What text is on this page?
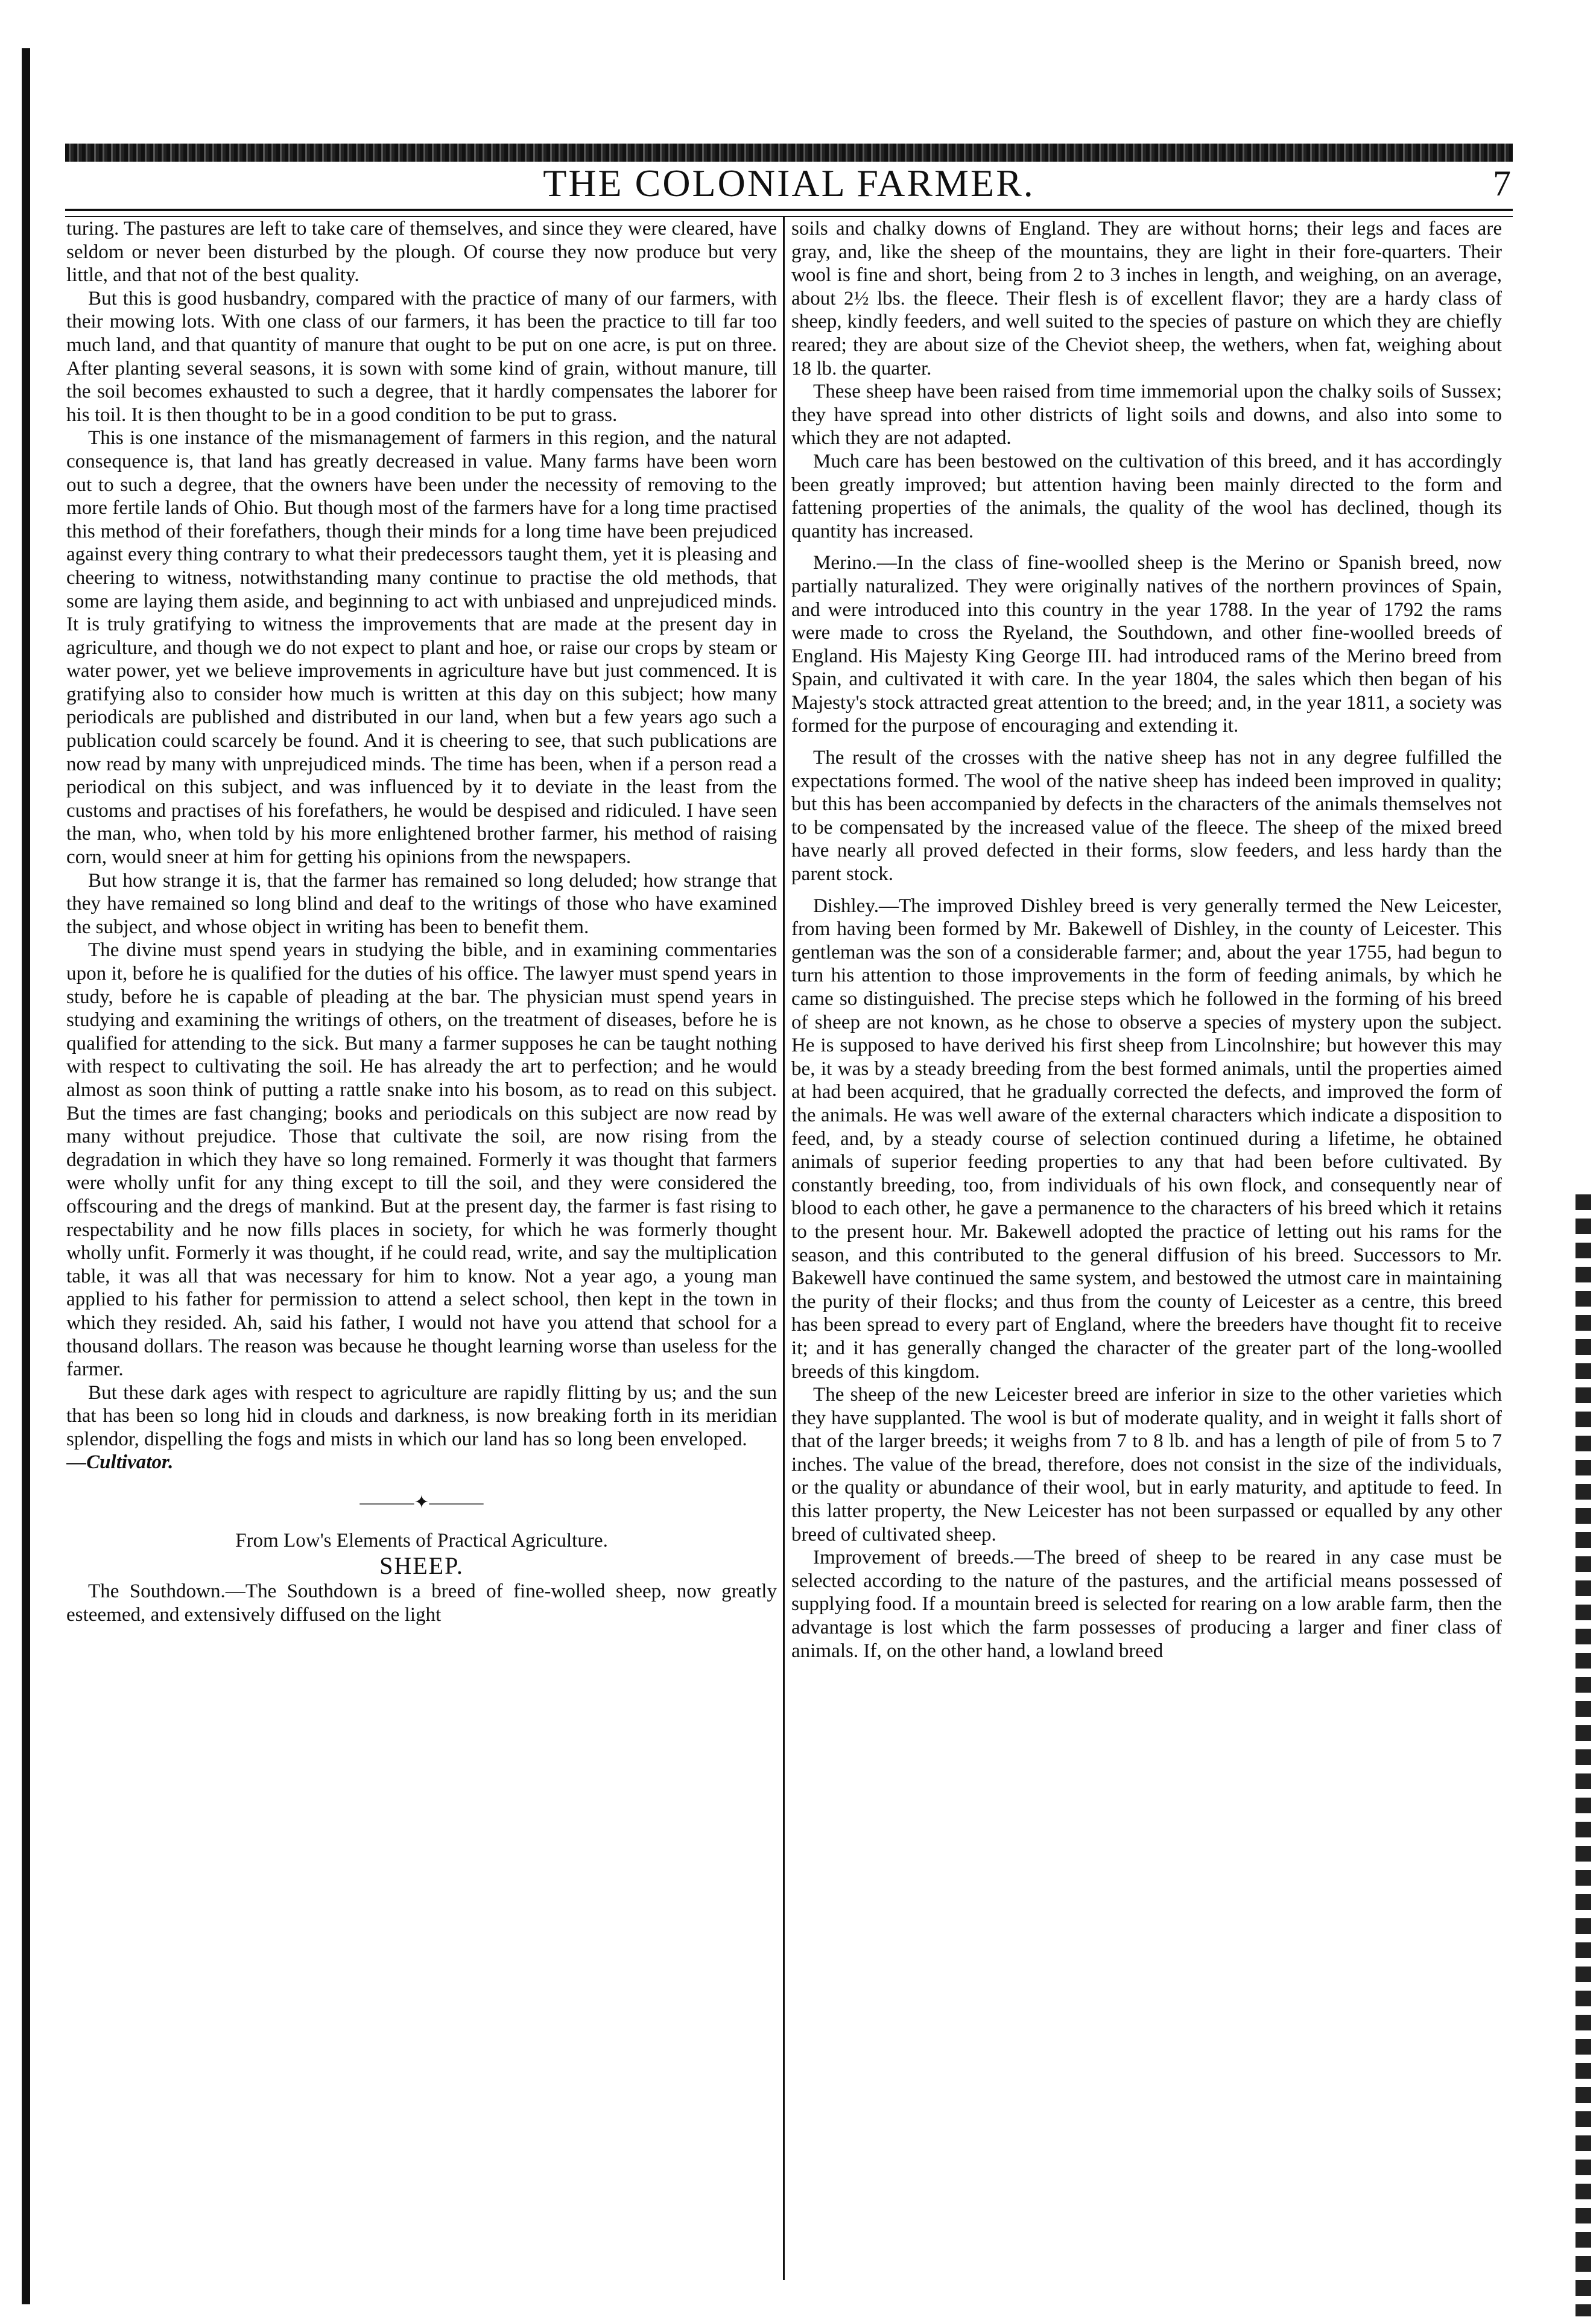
THE COLONIAL FARMER.	7

turing. The pastures are left to take care of themselves, and since they were cleared, have seldom or never been disturbed by the plough. Of course they now produce but very little, and that not of the best quality.

But this is good husbandry, compared with the practice of many of our farmers, with their mowing lots. With one class of our farmers, it has been the practice to till far too much land, and that quantity of manure that ought to be put on one acre, is put on three. After planting several seasons, it is sown with some kind of grain, without manure, till the soil becomes exhausted to such a degree, that it hardly compensates the laborer for his toil. It is then thought to be in a good condition to be put to grass.

This is one instance of the mismanagement of farmers in this region, and the natural consequence is, that land has greatly decreased in value. Many farms have been worn out to such a degree, that the owners have been under the necessity of removing to the more fertile lands of Ohio. But though most of the farmers have for a long time practised this method of their forefathers, though their minds for a long time have been prejudiced against every thing contrary to what their predecessors taught them, yet it is pleasing and cheering to witness, notwithstanding many continue to practise the old methods, that some are laying them aside, and beginning to act with unbiased and unprejudiced minds. It is truly gratifying to witness the improvements that are made at the present day in agriculture, and though we do not expect to plant and hoe, or raise our crops by steam or water power, yet we believe improvements in agriculture have but just commenced. It is gratifying also to consider how much is written at this day on this subject; how many periodicals are published and distributed in our land, when but a few years ago such a publication could scarcely be found. And it is cheering to see, that such publications are now read by many with unprejudiced minds. The time has been, when if a person read a periodical on this subject, and was influenced by it to deviate in the least from the customs and practises of his forefathers, he would be despised and ridiculed. I have seen the man, who, when told by his more enlightened brother farmer, his method of raising corn, would sneer at him for getting his opinions from the newspapers.

But how strange it is, that the farmer has remained so long deluded; how strange that they have remained so long blind and deaf to the writings of those who have examined the subject, and whose object in writing has been to benefit them.

The divine must spend years in studying the bible, and in examining commentaries upon it, before he is qualified for the duties of his office. The lawyer must spend years in study, before he is capable of pleading at the bar. The physician must spend years in studying and examining the writings of others, on the treatment of diseases, before he is qualified for attending to the sick. But many a farmer supposes he can be taught nothing with respect to cultivating the soil. He has already the art to perfection; and he would almost as soon think of putting a rattle snake into his bosom, as to read on this subject. But the times are fast changing; books and periodicals on this subject are now read by many without prejudice. Those that cultivate the soil, are now rising from the degradation in which they have so long remained. Formerly it was thought that farmers were wholly unfit for any thing except to till the soil, and they were considered the offscouring and the dregs of mankind. But at the present day, the farmer is fast rising to respectability and he now fills places in society, for which he was formerly thought wholly unfit. Formerly it was thought, if he could read, write, and say the multiplication table, it was all that was necessary for him to know. Not a year ago, a young man applied to his father for permission to attend a select school, then kept in the town in which they resided. Ah, said his father, I would not have you attend that school for a thousand dollars. The reason was because he thought learning worse than useless for the farmer.

But these dark ages with respect to agriculture are rapidly flitting by us; and the sun that has been so long hid in clouds and darkness, is now breaking forth in its meridian splendor, dispelling the fogs and mists in which our land has so long been enveloped.

—Cultivator.

———✦———

From Low's Elements of Practical Agriculture.

SHEEP.

The Southdown.—The Southdown is a breed of fine-wolled sheep, now greatly esteemed, and extensively diffused on the light

soils and chalky downs of England. They are without horns; their legs and faces are gray, and, like the sheep of the mountains, they are light in their fore-quarters. Their wool is fine and short, being from 2 to 3 inches in length, and weighing, on an average, about 2½ lbs. the fleece. Their flesh is of excellent flavor; they are a hardy class of sheep, kindly feeders, and well suited to the species of pasture on which they are chiefly reared; they are about size of the Cheviot sheep, the wethers, when fat, weighing about 18 lb. the quarter.

These sheep have been raised from time immemorial upon the chalky soils of Sussex; they have spread into other districts of light soils and downs, and also into some to which they are not adapted.

Much care has been bestowed on the cultivation of this breed, and it has accordingly been greatly improved; but attention having been mainly directed to the form and fattening properties of the animals, the quality of the wool has declined, though its quantity has increased.

Merino.—In the class of fine-woolled sheep is the Merino or Spanish breed, now partially naturalized. They were originally natives of the northern provinces of Spain, and were introduced into this country in the year 1788. In the year of 1792 the rams were made to cross the Ryeland, the Southdown, and other fine-woolled breeds of England. His Majesty King George III. had introduced rams of the Merino breed from Spain, and cultivated it with care. In the year 1804, the sales which then began of his Majesty's stock attracted great attention to the breed; and, in the year 1811, a society was formed for the purpose of encouraging and extending it.

The result of the crosses with the native sheep has not in any degree fulfilled the expectations formed. The wool of the native sheep has indeed been improved in quality; but this has been accompanied by defects in the characters of the animals themselves not to be compensated by the increased value of the fleece. The sheep of the mixed breed have nearly all proved defected in their forms, slow feeders, and less hardy than the parent stock.

Dishley.—The improved Dishley breed is very generally termed the New Leicester, from having been formed by Mr. Bakewell of Dishley, in the county of Leicester. This gentleman was the son of a considerable farmer; and, about the year 1755, had begun to turn his attention to those improvements in the form of feeding animals, by which he came so distinguished. The precise steps which he followed in the forming of his breed of sheep are not known, as he chose to observe a species of mystery upon the subject. He is supposed to have derived his first sheep from Lincolnshire; but however this may be, it was by a steady breeding from the best formed animals, until the properties aimed at had been acquired, that he gradually corrected the defects, and improved the form of the animals. He was well aware of the external characters which indicate a disposition to feed, and, by a steady course of selection continued during a lifetime, he obtained animals of superior feeding properties to any that had been before cultivated. By constantly breeding, too, from individuals of his own flock, and consequently near of blood to each other, he gave a permanence to the characters of his breed which it retains to the present hour. Mr. Bakewell adopted the practice of letting out his rams for the season, and this contributed to the general diffusion of his breed. Successors to Mr. Bakewell have continued the same system, and bestowed the utmost care in maintaining the purity of their flocks; and thus from the county of Leicester as a centre, this breed has been spread to every part of England, where the breeders have thought fit to receive it; and it has generally changed the character of the greater part of the long-woolled breeds of this kingdom.

The sheep of the new Leicester breed are inferior in size to the other varieties which they have supplanted. The wool is but of moderate quality, and in weight it falls short of that of the larger breeds; it weighs from 7 to 8 lb. and has a length of pile of from 5 to 7 inches. The value of the bread, therefore, does not consist in the size of the individuals, or the quality or abundance of their wool, but in early maturity, and aptitude to feed. In this latter property, the New Leicester has not been surpassed or equalled by any other breed of cultivated sheep.

Improvement of breeds.—The breed of sheep to be reared in any case must be selected according to the nature of the pastures, and the artificial means possessed of supplying food. If a mountain breed is selected for rearing on a low arable farm, then the advantage is lost which the farm possesses of producing a larger and finer class of animals. If, on the other hand, a lowland breed
